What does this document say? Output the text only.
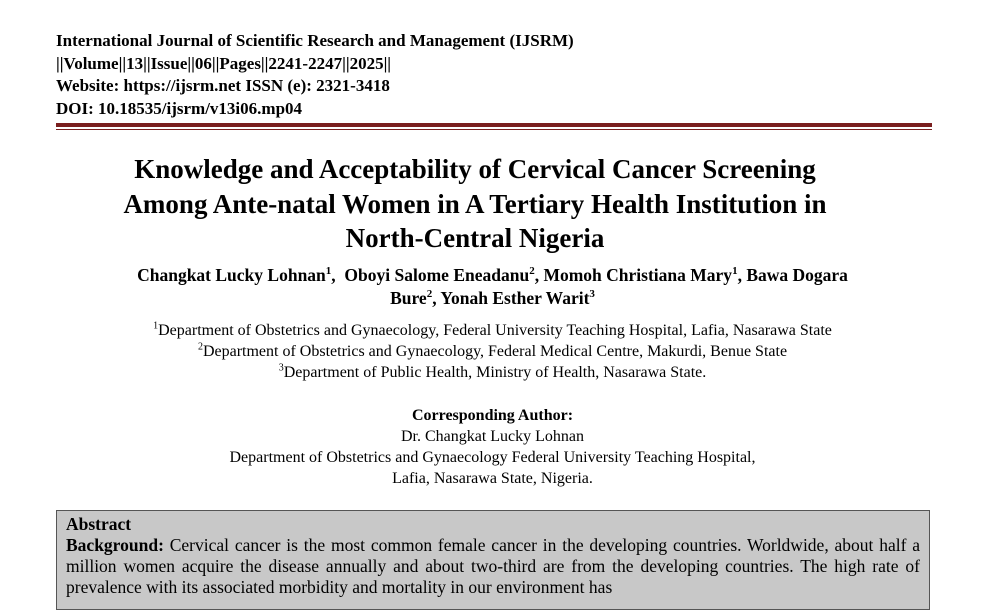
International Journal of Scientific Research and Management (IJSRM)
||Volume||13||Issue||06||Pages||2241-2247||2025||
Website: https://ijsrm.net ISSN (e): 2321-3418
DOI: 10.18535/ijsrm/v13i06.mp04
Knowledge and Acceptability of Cervical Cancer Screening
Among Ante-natal Women in A Tertiary Health Institution in
North-Central Nigeria
Changkat Lucky Lohnan$^1$,  Oboyi Salome Eneadanu$^2$, Momoh Christiana Mary$^1$, Bawa Dogara
Bure$^2$, Yonah Esther Warit$^3$
$^1$Department of Obstetrics and Gynaecology, Federal University Teaching Hospital, Lafia, Nasarawa State
$^2$Department of Obstetrics and Gynaecology, Federal Medical Centre, Makurdi, Benue State
$^3$Department of Public Health, Ministry of Health, Nasarawa State.
Corresponding Author:
Dr. Changkat Lucky Lohnan
Department of Obstetrics and Gynaecology Federal University Teaching Hospital,
Lafia, Nasarawa State, Nigeria.
Abstract
Background: Cervical cancer is the most common female cancer in the developing countries. Worldwide, about half a million women acquire the disease annually and about two-third are from the developing countries. The high rate of prevalence with its associated morbidity and mortality in our environment has
